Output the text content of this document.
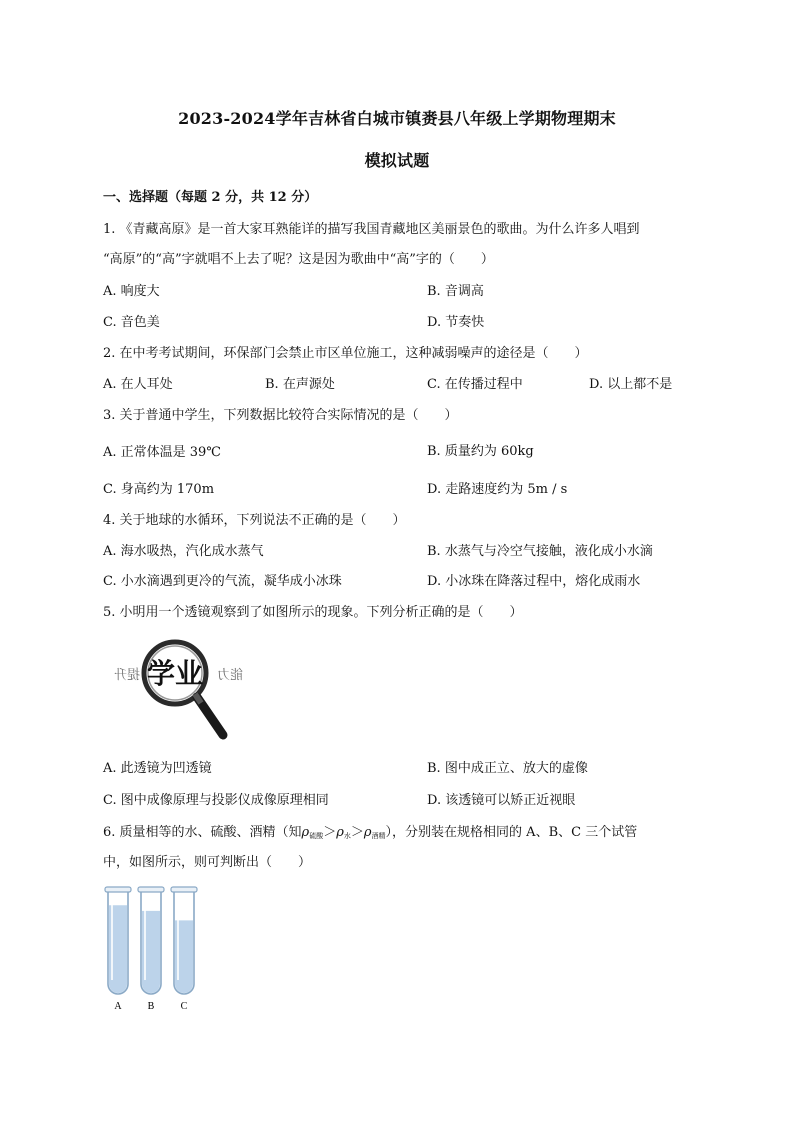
2023-2024学年吉林省白城市镇赉县八年级上学期物理期末
模拟试题
一、选择题（每题 2 分，共 12 分）
1. 《青藏高原》是一首大家耳熟能详的描写我国青藏地区美丽景色的歌曲。为什么许多人唱到
“高原”的“高”字就唱不上去了呢？这是因为歌曲中“高”字的（　　）
A. 响度大	B. 音调高
C. 音色美	D. 节奏快
2. 在中考考试期间，环保部门会禁止市区单位施工，这种减弱噪声的途径是（　　）
A. 在人耳处	B. 在声源处	C. 在传播过程中	D. 以上都不是
3. 关于普通中学生，下列数据比较符合实际情况的是（　　）
A. 正常体温是 39℃	B. 质量约为 60kg
C. 身高约为 170m	D. 走路速度约为 5m / s
4. 关于地球的水循环，下列说法不正确的是（　　）
A. 海水吸热，汽化成水蒸气	B. 水蒸气与冷空气接触，液化成小水滴
C. 小水滴遇到更冷的气流，凝华成小冰珠	D. 小冰珠在降落过程中，熔化成雨水
5. 小明用一个透镜观察到了如图所示的现象。下列分析正确的是（　　）
提升	能力
学业
A. 此透镜为凹透镜	B. 图中成正立、放大的虚像
C. 图中成像原理与投影仪成像原理相同	D. 该透镜可以矫正近视眼
6. 质量相等的水、硫酸、酒精（知$\rho_{硫酸}>\rho_水>\rho_{酒精}$），分别装在规格相同的 A、B、C 三个试管
中，如图所示，则可判断出（　　）
A	B	C
